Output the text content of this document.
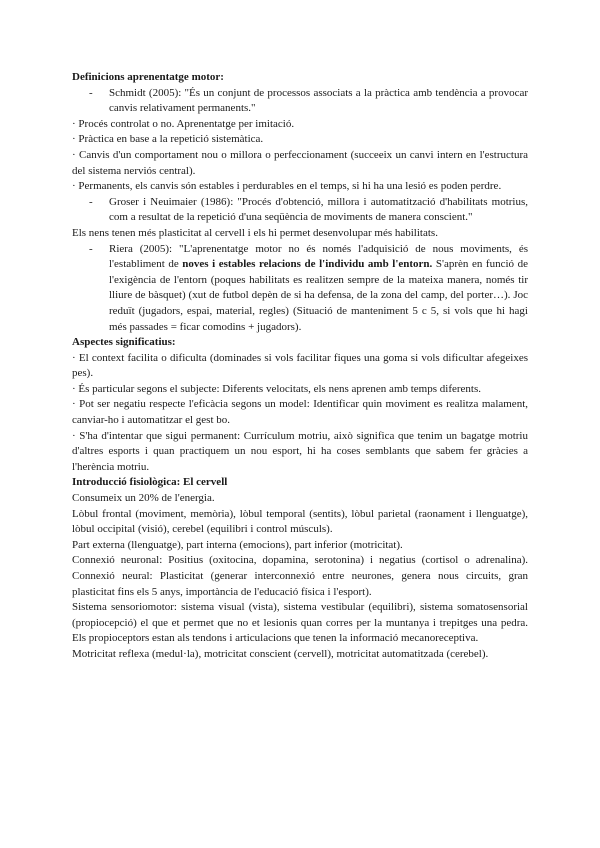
Definicions aprenentatge motor:

- Schmidt (2005): "És un conjunt de processos associats a la pràctica amb tendència a provocar canvis relativament permanents."

· Procés controlat o no. Aprenentatge per imitació.

· Pràctica en base a la repetició sistemàtica.

· Canvis d'un comportament nou o millora o perfeccionament (succeeix un canvi intern en l'estructura del sistema nerviós central).

· Permanents, els canvis són estables i perdurables en el temps, si hi ha una lesió es poden perdre.

- Groser i Neuimaier (1986): "Procés d'obtenció, millora i automatització d'habilitats motrius, com a resultat de la repetició d'una seqüència de moviments de manera conscient."

Els nens tenen més plasticitat al cervell i els hi permet desenvolupar més habilitats.

- Riera (2005): "L'aprenentatge motor no és només l'adquisició de nous moviments, és l'establiment de noves i estables relacions de l'individu amb l'entorn. S'aprèn en funció de l'exigència de l'entorn (poques habilitats es realitzen sempre de la mateixa manera, només tir lliure de bàsquet) (xut de futbol depèn de si ha defensa, de la zona del camp, del porter…). Joc reduït (jugadors, espai, material, regles) (Situació de manteniment 5 c 5, si vols que hi hagi més passades = ficar comodins + jugadors).

Aspectes significatius:

· El context facilita o dificulta (dominades si vols facilitar fiques una goma si vols dificultar afegeixes pes).

· És particular segons el subjecte: Diferents velocitats, els nens aprenen amb temps diferents.

· Pot ser negatiu respecte l'eficàcia segons un model: Identificar quin moviment es realitza malament, canviar-ho i automatitzar el gest bo.

· S'ha d'intentar que sigui permanent: Currículum motriu, això significa que tenim un bagatge motriu d'altres esports i quan practiquem un nou esport, hi ha coses semblants que sabem fer gràcies a l'herència motriu.

Introducció fisiològica: El cervell

Consumeix un 20% de l'energia.

Lòbul frontal (moviment, memòria), lòbul temporal (sentits), lòbul parietal (raonament i llenguatge), lòbul occipital (visió), cerebel (equilibri i control músculs).

Part externa (llenguatge), part interna (emocions), part inferior (motricitat).

Connexió neuronal: Positius (oxitocina, dopamina, serotonina) i negatius (cortisol o adrenalina). Connexió neural: Plasticitat (generar interconnexió entre neurones, genera nous circuits, gran plasticitat fins els 5 anys, importància de l'educació física i l'esport).

Sistema sensoriomotor: sistema visual (vista), sistema vestibular (equilibri), sistema somatosensorial (propiocepció) el que et permet que no et lesionis quan corres per la muntanya i trepitges una pedra. Els propioceptors estan als tendons i articulacions que tenen la informació mecanoreceptiva.

Motricitat reflexa (medul·la), motricitat conscient (cervell), motricitat automatitzada (cerebel).
